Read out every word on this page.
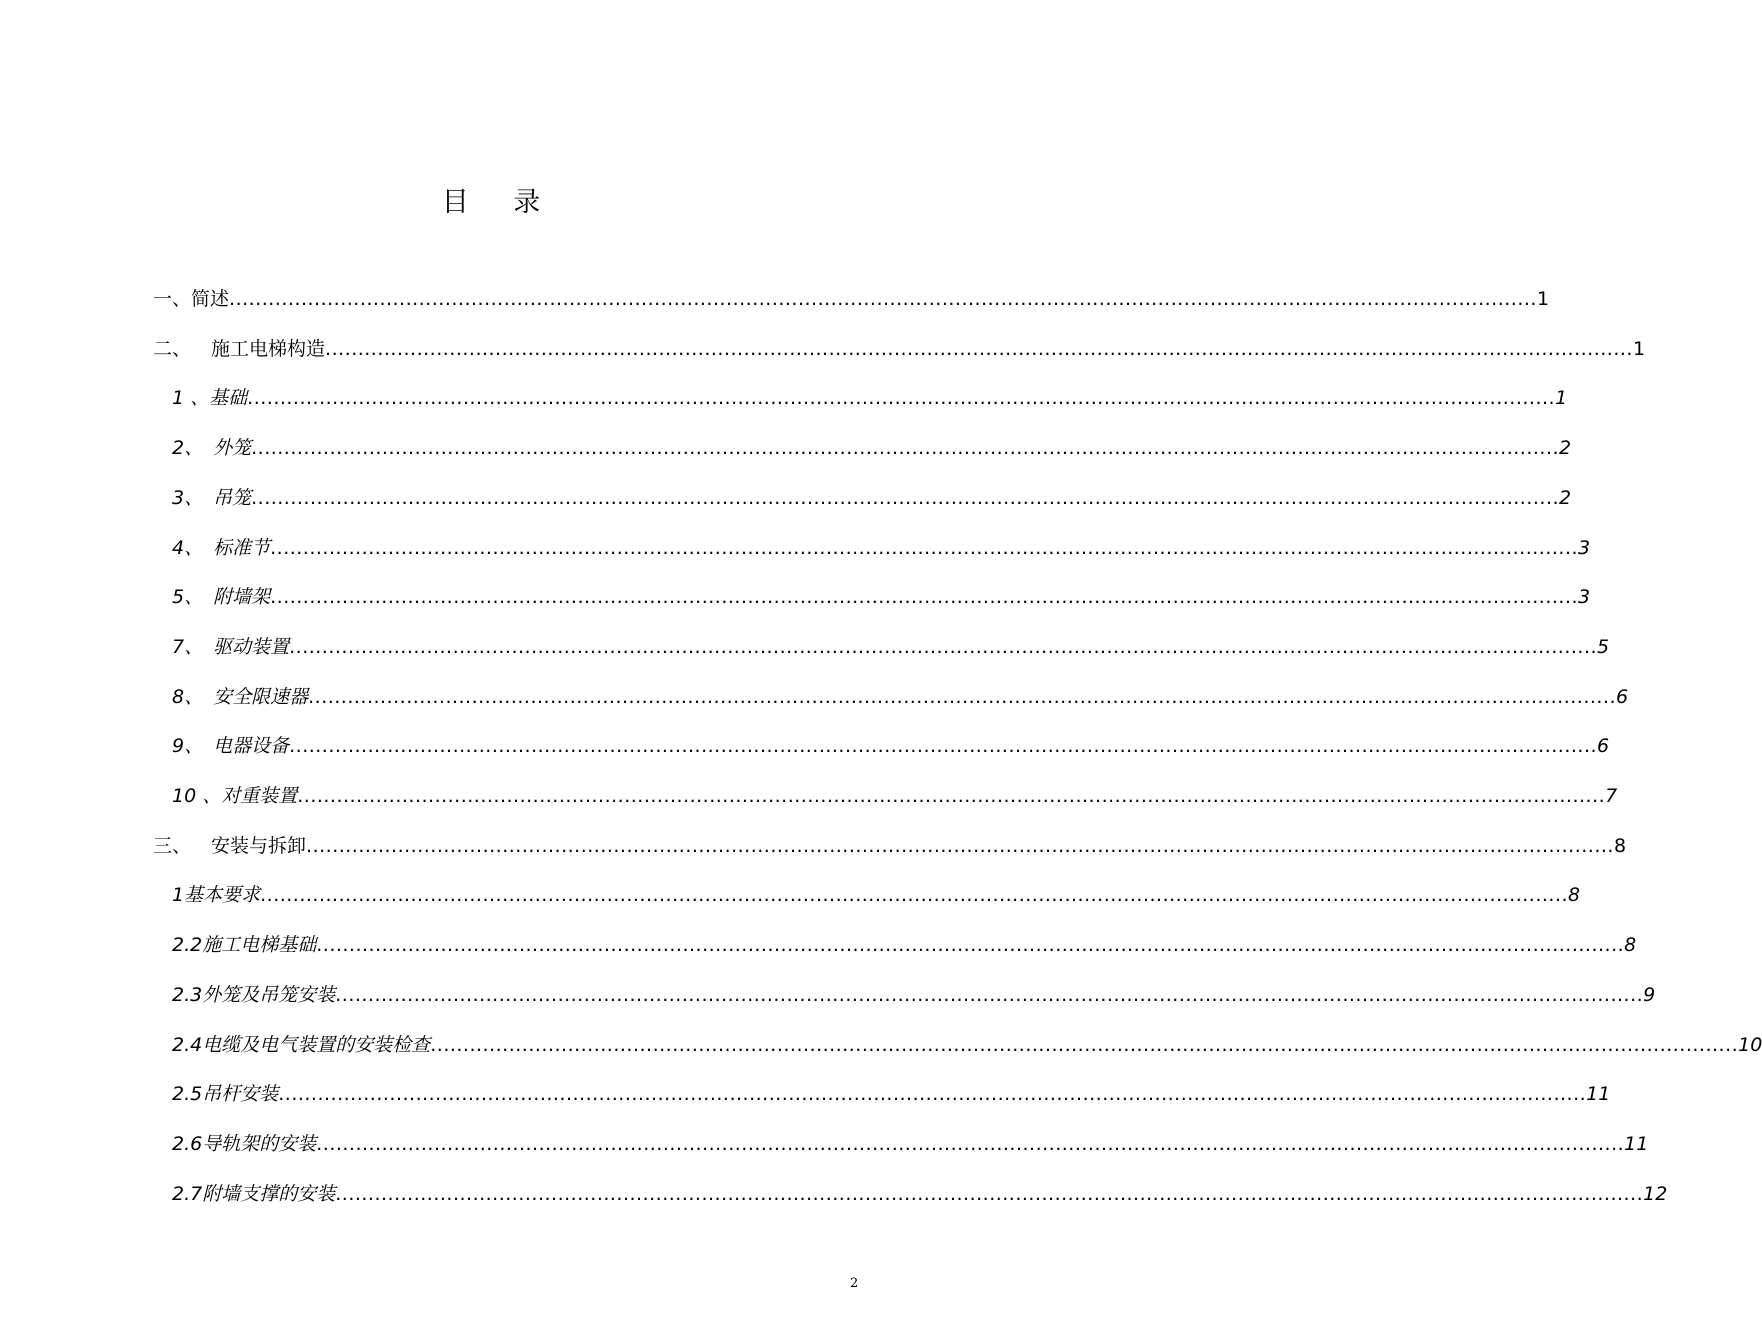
目 录
一、 简述 ........................................................................................................................................................................................................ 1
二、 施工电梯构造 ........................................................................................................................................................................................................ 1
1 、 基础 ........................................................................................................................................................................................................ 1
2、 外笼 ........................................................................................................................................................................................................ 2
3、 吊笼 ........................................................................................................................................................................................................ 2
4、 标准节 ........................................................................................................................................................................................................ 3
5、 附墙架 ........................................................................................................................................................................................................ 3
7、 驱动装置 ........................................................................................................................................................................................................ 5
8、 安全限速器 ........................................................................................................................................................................................................ 6
9、 电器设备 ........................................................................................................................................................................................................ 6
10 、 对重装置 ........................................................................................................................................................................................................ 7
三、 安装与拆卸 ........................................................................................................................................................................................................ 8
1 基本要求 ........................................................................................................................................................................................................ 8
2.2 施工电梯基础 ........................................................................................................................................................................................................ 8
2.3 外笼及吊笼安装 ........................................................................................................................................................................................................ 9
2.4 电缆及电气装置的安装检查 ........................................................................................................................................................................................................ 10
2.5 吊杆安装 ........................................................................................................................................................................................................ 11
2.6 导轨架的安装 ........................................................................................................................................................................................................ 11
2.7 附墙支撑的安装 ........................................................................................................................................................................................................ 12
2
